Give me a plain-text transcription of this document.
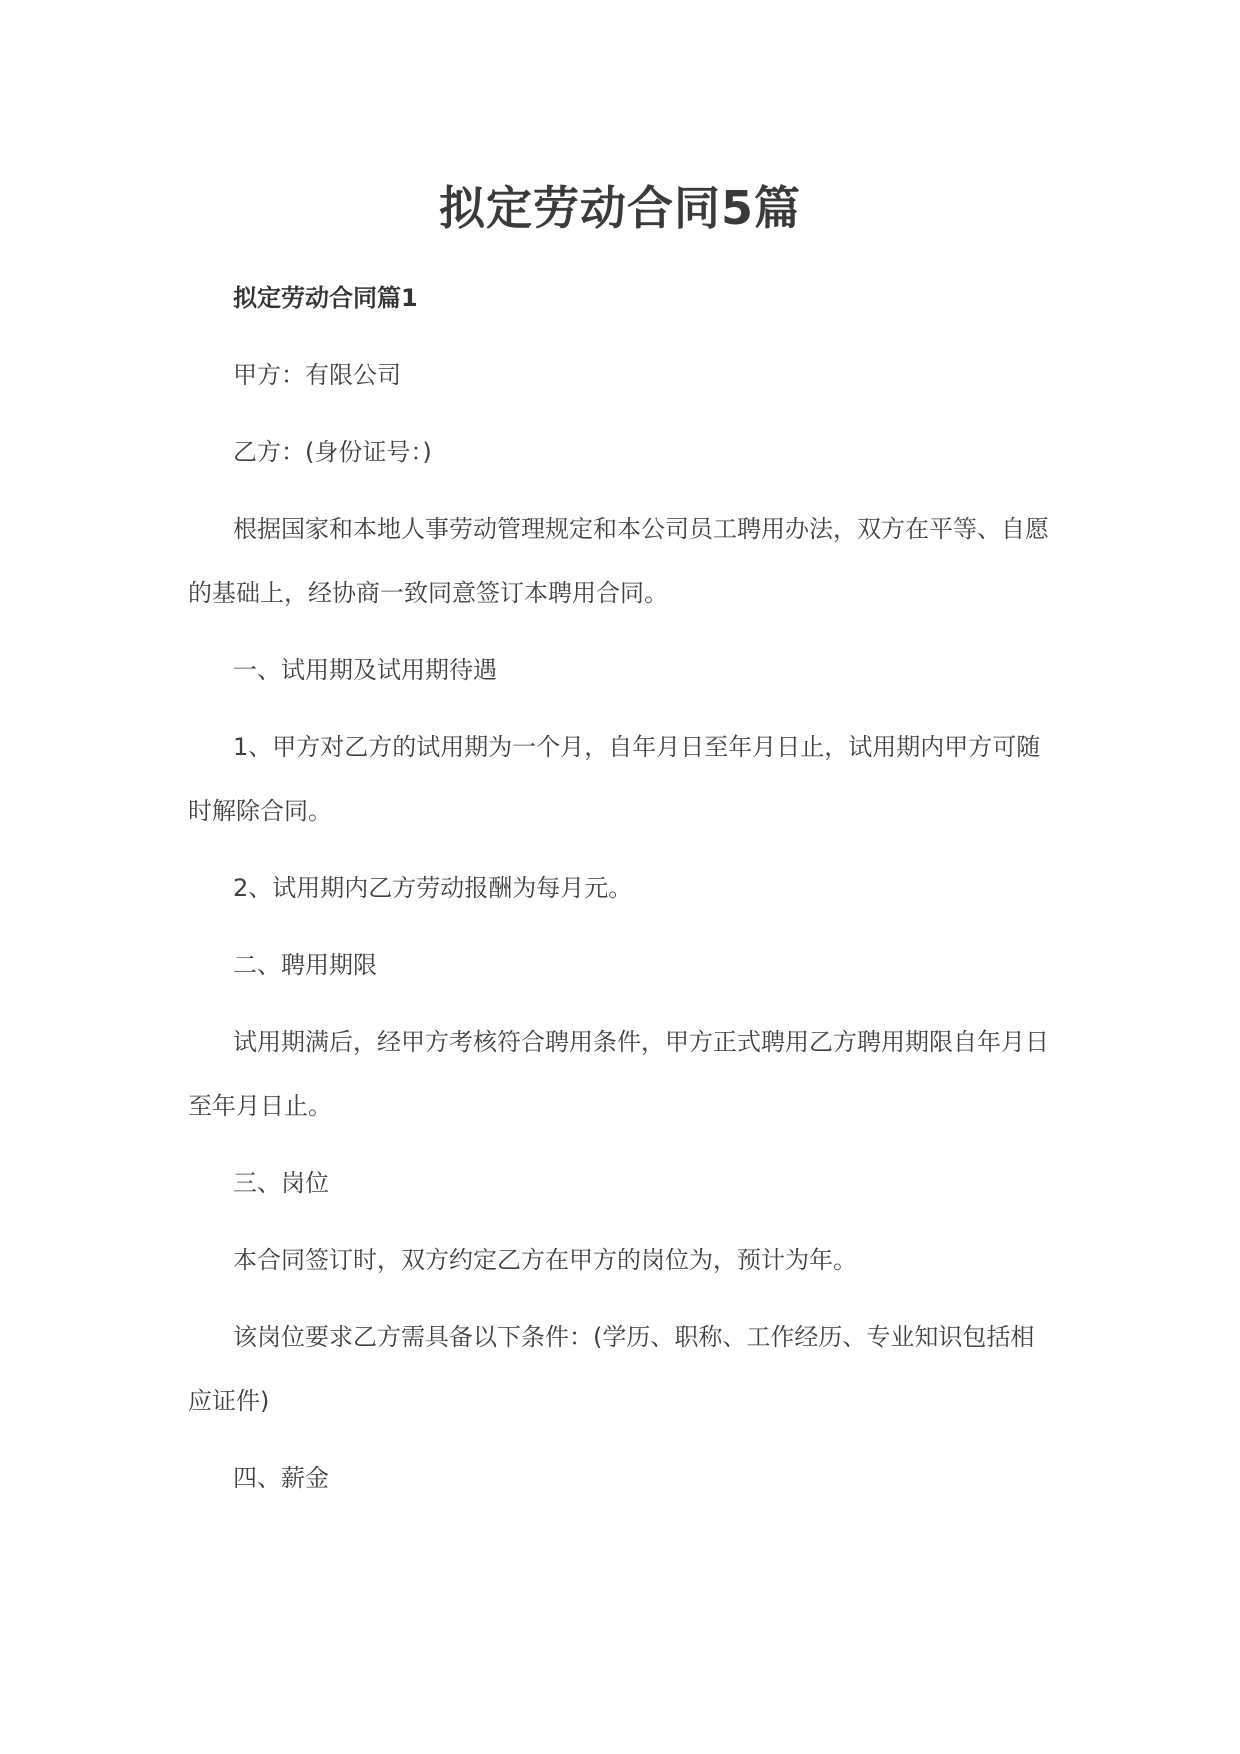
拟定劳动合同5篇

拟定劳动合同篇1

甲方：有限公司

乙方：(身份证号：)

根据国家和本地人事劳动管理规定和本公司员工聘用办法，双方在平等、自愿的基础上，经协商一致同意签订本聘用合同。

一、试用期及试用期待遇

1、甲方对乙方的试用期为一个月，自年月日至年月日止，试用期内甲方可随时解除合同。

2、试用期内乙方劳动报酬为每月元。

二、聘用期限

试用期满后，经甲方考核符合聘用条件，甲方正式聘用乙方聘用期限自年月日至年月日止。

三、岗位

本合同签订时，双方约定乙方在甲方的岗位为，预计为年。

该岗位要求乙方需具备以下条件：(学历、职称、工作经历、专业知识包括相应证件)

四、薪金
